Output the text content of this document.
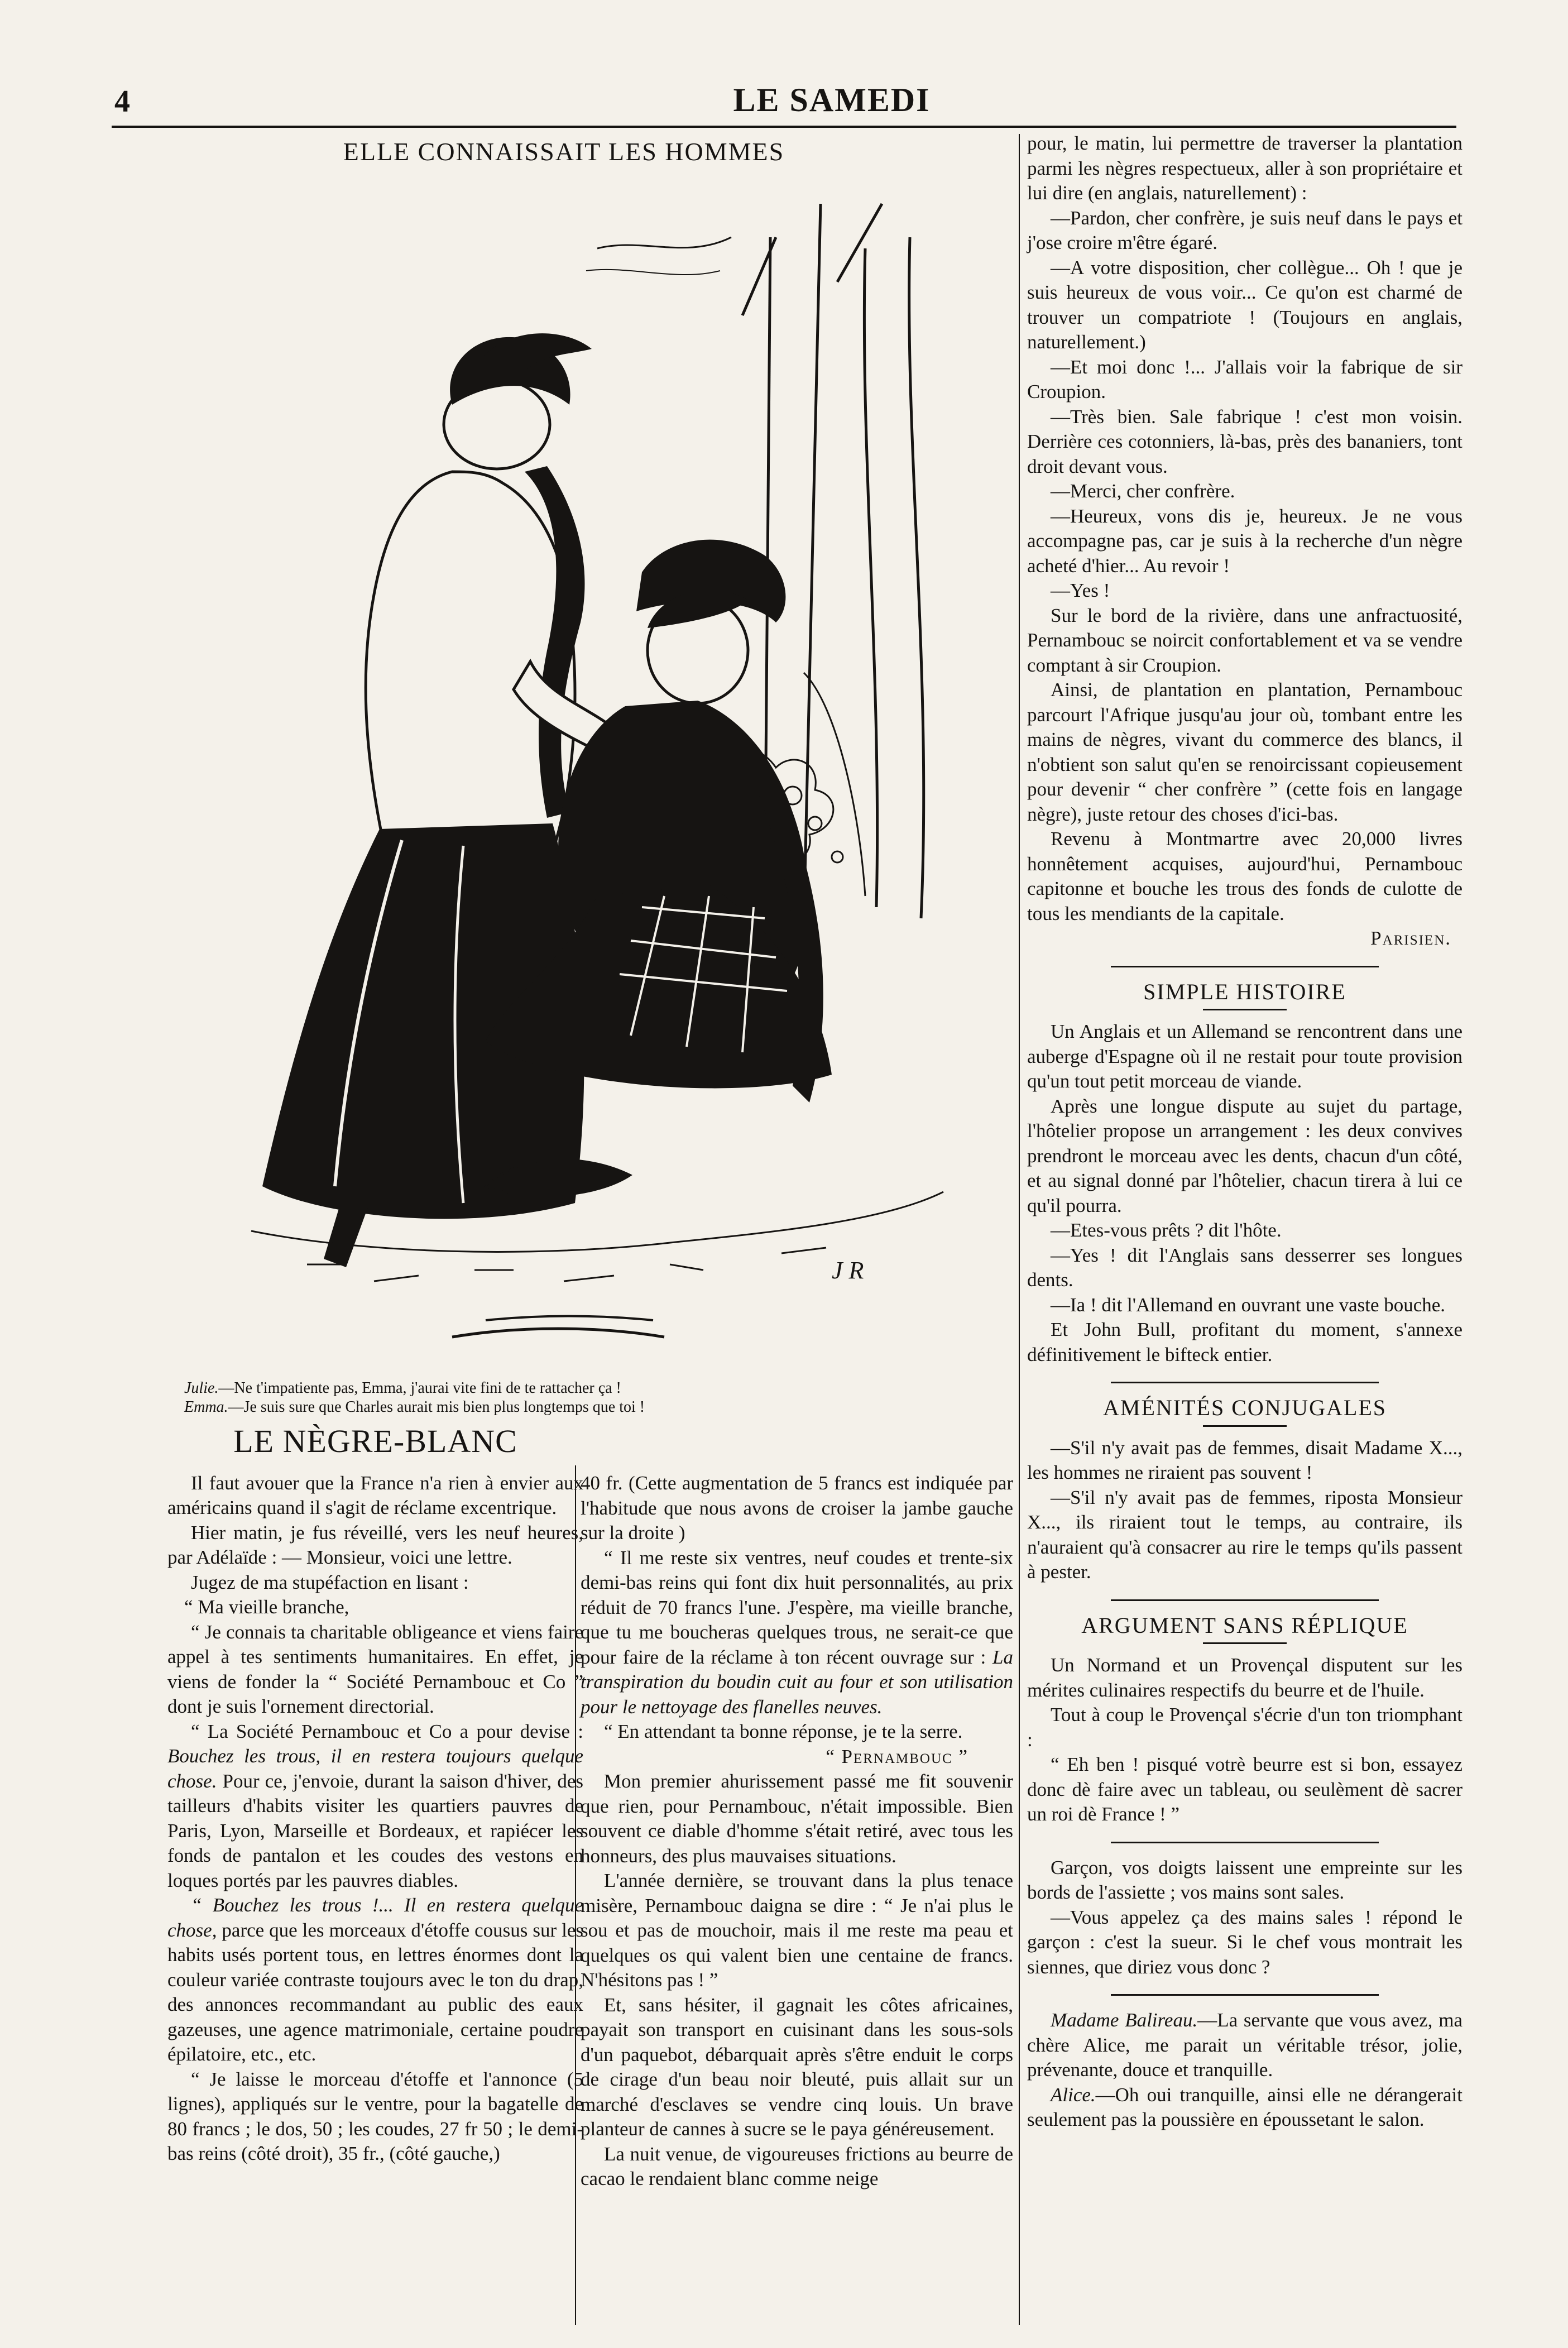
4	LE SAMEDI
ELLE CONNAISSAIT LES HOMMES
J R
Julie.—Ne t'impatiente pas, Emma, j'aurai vite fini de te rattacher ça !
Emma.—Je suis sure que Charles aurait mis bien plus longtemps que toi !
LE NÈGRE-BLANC

Il faut avouer que la France n'a rien à envier aux américains quand il s'agit de réclame excentrique.

Hier matin, je fus réveillé, vers les neuf heures, par Adélaïde : — Monsieur, voici une lettre.

Jugez de ma stupéfaction en lisant :

“ Ma vieille branche,

“ Je connais ta charitable obligeance et viens faire appel à tes sentiments humanitaires. En effet, je viens de fonder la “ Société Pernambouc et Co ” dont je suis l'ornement directorial.

“ La Société Pernambouc et Co a pour devise : Bouchez les trous, il en restera toujours quelque chose. Pour ce, j'envoie, durant la saison d'hiver, des tailleurs d'habits visiter les quartiers pauvres de Paris, Lyon, Marseille et Bordeaux, et rapiécer les fonds de pantalon et les coudes des vestons en loques portés par les pauvres diables.

“ Bouchez les trous !... Il en restera quelque chose, parce que les morceaux d'étoffe cousus sur les habits usés portent tous, en lettres énormes dont la couleur variée contraste toujours avec le ton du drap, des annonces recommandant au public des eaux gazeuses, une agence matrimoniale, certaine poudre épilatoire, etc., etc.

“ Je laisse le morceau d'étoffe et l'annonce (5 lignes), appliqués sur le ventre, pour la bagatelle de 80 francs ; le dos, 50 ; les coudes, 27 fr 50 ; le demi-bas reins (côté droit), 35 fr., (côté gauche,)

40 fr. (Cette augmentation de 5 francs est indiquée par l'habitude que nous avons de croiser la jambe gauche sur la droite )

“ Il me reste six ventres, neuf coudes et trente-six demi-bas reins qui font dix huit personnalités, au prix réduit de 70 francs l'une. J'espère, ma vieille branche, que tu me boucheras quelques trous, ne serait-ce que pour faire de la réclame à ton récent ouvrage sur : La transpiration du boudin cuit au four et son utilisation pour le nettoyage des flanelles neuves.

“ En attendant ta bonne réponse, je te la serre.

“ Pernambouc ”

Mon premier ahurissement passé me fit souvenir que rien, pour Pernambouc, n'était impossible. Bien souvent ce diable d'homme s'était retiré, avec tous les honneurs, des plus mauvaises situations.

L'année dernière, se trouvant dans la plus tenace misère, Pernambouc daigna se dire : “ Je n'ai plus le sou et pas de mouchoir, mais il me reste ma peau et quelques os qui valent bien une centaine de francs. N'hésitons pas ! ”

Et, sans hésiter, il gagnait les côtes africaines, payait son transport en cuisinant dans les sous-sols d'un paquebot, débarquait après s'être enduit le corps de cirage d'un beau noir bleuté, puis allait sur un marché d'esclaves se vendre cinq louis. Un brave planteur de cannes à sucre se le paya généreusement.

La nuit venue, de vigoureuses frictions au beurre de cacao le rendaient blanc comme neige

pour, le matin, lui permettre de traverser la plantation parmi les nègres respectueux, aller à son propriétaire et lui dire (en anglais, naturellement) :

—Pardon, cher confrère, je suis neuf dans le pays et j'ose croire m'être égaré.

—A votre disposition, cher collègue... Oh ! que je suis heureux de vous voir... Ce qu'on est charmé de trouver un compatriote ! (Toujours en anglais, naturellement.)

—Et moi donc !... J'allais voir la fabrique de sir Croupion.

—Très bien. Sale fabrique ! c'est mon voisin. Derrière ces cotonniers, là-bas, près des bananiers, tont droit devant vous.

—Merci, cher confrère.

—Heureux, vons dis je, heureux. Je ne vous accompagne pas, car je suis à la recherche d'un nègre acheté d'hier... Au revoir !

—Yes !

Sur le bord de la rivière, dans une anfractuosité, Pernambouc se noircit confortablement et va se vendre comptant à sir Croupion.

Ainsi, de plantation en plantation, Pernambouc parcourt l'Afrique jusqu'au jour où, tombant entre les mains de nègres, vivant du commerce des blancs, il n'obtient son salut qu'en se renoircissant copieusement pour devenir “ cher confrère ” (cette fois en langage nègre), juste retour des choses d'ici-bas.

Revenu à Montmartre avec 20,000 livres honnêtement acquises, aujourd'hui, Pernambouc capitonne et bouche les trous des fonds de culotte de tous les mendiants de la capitale.

Parisien.

SIMPLE HISTOIRE

Un Anglais et un Allemand se rencontrent dans une auberge d'Espagne où il ne restait pour toute provision qu'un tout petit morceau de viande.

Après une longue dispute au sujet du partage, l'hôtelier propose un arrangement : les deux convives prendront le morceau avec les dents, chacun d'un côté, et au signal donné par l'hôtelier, chacun tirera à lui ce qu'il pourra.

—Etes-vous prêts ? dit l'hôte.

—Yes ! dit l'Anglais sans desserrer ses longues dents.

—Ia ! dit l'Allemand en ouvrant une vaste bouche.

Et John Bull, profitant du moment, s'annexe définitivement le bifteck entier.

AMÉNITÉS CONJUGALES

—S'il n'y avait pas de femmes, disait Madame X..., les hommes ne riraient pas souvent !

—S'il n'y avait pas de femmes, riposta Monsieur X..., ils riraient tout le temps, au contraire, ils n'auraient qu'à consacrer au rire le temps qu'ils passent à pester.

ARGUMENT SANS RÉPLIQUE

Un Normand et un Provençal disputent sur les mérites culinaires respectifs du beurre et de l'huile.

Tout à coup le Provençal s'écrie d'un ton triomphant :

“ Eh ben ! pisqué votrè beurre est si bon, essayez donc dè faire avec un tableau, ou seulèment dè sacrer un roi dè France ! ”

Garçon, vos doigts laissent une empreinte sur les bords de l'assiette ; vos mains sont sales.

—Vous appelez ça des mains sales ! répond le garçon : c'est la sueur. Si le chef vous montrait les siennes, que diriez vous donc ?

Madame Balireau.—La servante que vous avez, ma chère Alice, me parait un véritable trésor, jolie, prévenante, douce et tranquille.

Alice.—Oh oui tranquille, ainsi elle ne dérangerait seulement pas la poussière en époussetant le salon.
